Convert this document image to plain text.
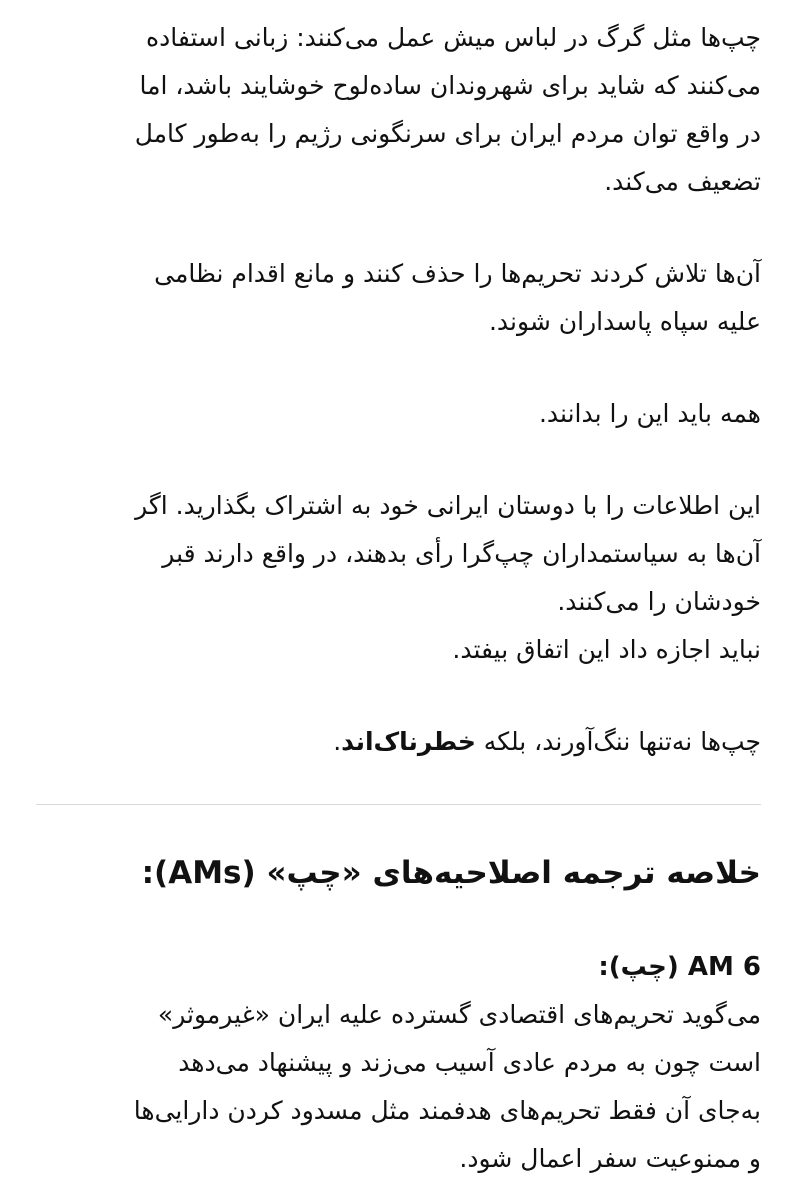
چپ‌ها مثل گرگ در لباس میش عمل می‌کنند: زبانی استفاده
می‌کنند که شاید برای شهروندان ساده‌لوح خوشایند باشد، اما
در واقع توان مردم ایران برای سرنگونی رژیم را به‌طور کامل
تضعیف می‌کند.

آن‌ها تلاش کردند تحریم‌ها را حذف کنند و مانع اقدام نظامی
علیه سپاه پاسداران شوند.

همه باید این را بدانند.

این اطلاعات را با دوستان ایرانی خود به اشتراک بگذارید. اگر
آن‌ها به سیاستمداران چپ‌گرا رأی بدهند، در واقع دارند قبر
خودشان را می‌کنند.
نباید اجازه داد این اتفاق بیفتد.

چپ‌ها نه‌تنها ننگ‌آورند، بلکه خطرناک‌اند.

خلاصه ترجمه اصلاحیه‌های «چپ» (AMs):
AM 6 (چپ):
می‌گوید تحریم‌های اقتصادی گسترده علیه ایران «غیرموثر»
است چون به مردم عادی آسیب می‌زند و پیشنهاد می‌دهد
به‌جای آن فقط تحریم‌های هدفمند مثل مسدود کردن دارایی‌ها
و ممنوعیت سفر اعمال شود.
